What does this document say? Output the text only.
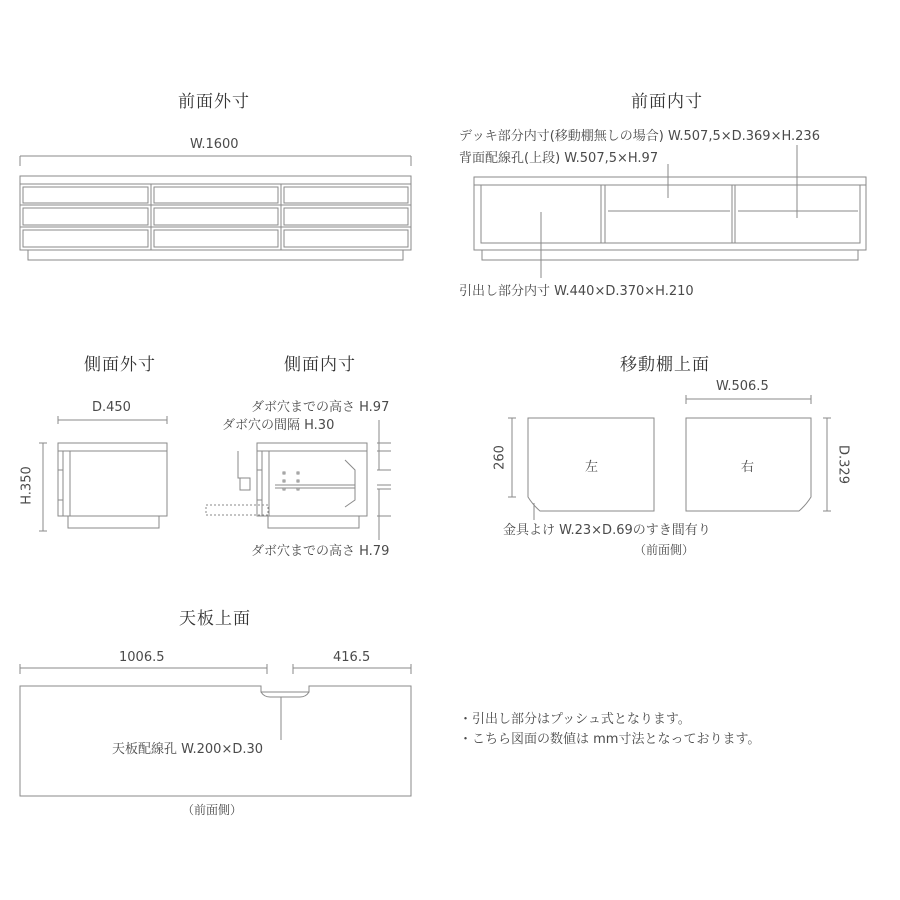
前面外寸
W.1600
前面内寸
デッキ部分内寸(移動棚無しの場合) W.507,5×D.369×H.236
背面配線孔(上段) W.507,5×H.97
引出し部分内寸 W.440×D.370×H.210
側面外寸
D.450
H.350
側面内寸
ダボ穴までの高さ H.97
ダボ穴の間隔 H.30
ダボ穴までの高さ H.79
移動棚上面
W.506.5
260	D.329
左	右
金具よけ W.23×D.69のすき間有り
（前面側）
天板上面
1006.5	416.5
天板配線孔 W.200×D.30
（前面側）
・引出し部分はプッシュ式となります。
・こちら図面の数値は mm寸法となっております。
